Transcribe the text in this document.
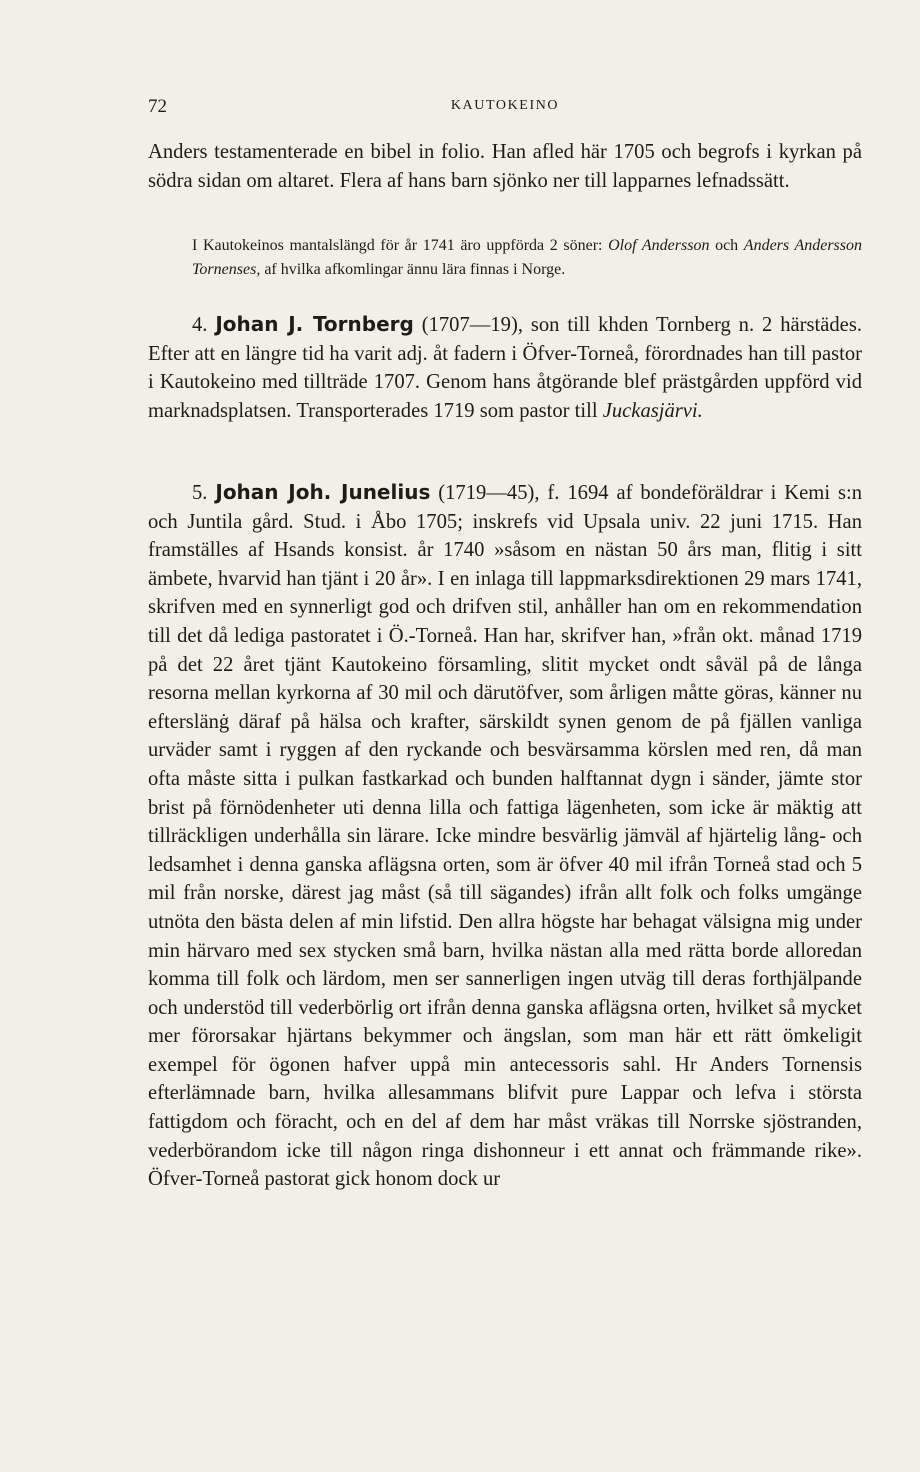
72	KAUTOKEINO

Anders testamenterade en bibel in folio. Han afled här 1705 och begrofs i kyrkan på södra sidan om altaret. Flera af hans barn sjönko ner till lapparnes lefnadssätt.

I Kautokeinos mantalslängd för år 1741 äro uppförda 2 söner: Olof Andersson och Anders Andersson Tornenses, af hvilka afkomlingar ännu lära finnas i Norge.

4. Johan J. Tornberg (1707—19), son till khden Tornberg n. 2 härstädes. Efter att en längre tid ha varit adj. åt fadern i Öfver-Torneå, förordnades han till pastor i Kautokeino med tillträde 1707. Genom hans åtgörande blef prästgården uppförd vid marknadsplatsen. Transporterades 1719 som pastor till Juckasjärvi.

5. Johan Joh. Junelius (1719—45), f. 1694 af bondeföräldrar i Kemi s:n och Juntila gård. Stud. i Åbo 1705; inskrefs vid Upsala univ. 22 juni 1715. Han framställes af Hsands konsist. år 1740 »såsom en nästan 50 års man, flitig i sitt ämbete, hvarvid han tjänt i 20 år». I en inlaga till lappmarksdirektionen 29 mars 1741, skrifven med en synnerligt god och drifven stil, anhåller han om en rekommendation till det då lediga pastoratet i Ö.-Torneå. Han har, skrifver han, »från okt. månad 1719 på det 22 året tjänt Kautokeino församling, slitit mycket ondt såväl på de långa resorna mellan kyrkorna af 30 mil och därutöfver, som årligen måtte göras, känner nu efterslänġ däraf på hälsa och krafter, särskildt synen genom de på fjällen vanliga urväder samt i ryggen af den ryckande och besvärsamma körslen med ren, då man ofta måste sitta i pulkan fastkarkad och bunden halftannat dygn i sänder, jämte stor brist på förnödenheter uti denna lilla och fattiga lägenheten, som icke är mäktig att tillräckligen underhålla sin lärare. Icke mindre besvärlig jämväl af hjärtelig lång- och ledsamhet i denna ganska aflägsna orten, som är öfver 40 mil ifrån Torneå stad och 5 mil från norske, därest jag måst (så till sägandes) ifrån allt folk och folks umgänge utnöta den bästa delen af min lifstid. Den allra högste har behagat välsigna mig under min härvaro med sex stycken små barn, hvilka nästan alla med rätta borde alloredan komma till folk och lärdom, men ser sannerligen ingen utväg till deras forthjälpande och understöd till vederbörlig ort ifrån denna ganska aflägsna orten, hvilket så mycket mer förorsakar hjärtans bekymmer och ängslan, som man här ett rätt ömkeligit exempel för ögonen hafver uppå min antecessoris sahl. Hr Anders Tornensis efterlämnade barn, hvilka allesammans blifvit pure Lappar och lefva i största fattigdom och föracht, och en del af dem har måst vräkas till Norrske sjöstranden, vederbörandom icke till någon ringa dishonneur i ett annat och främmande rike». Öfver-Torneå pastorat gick honom dock ur
